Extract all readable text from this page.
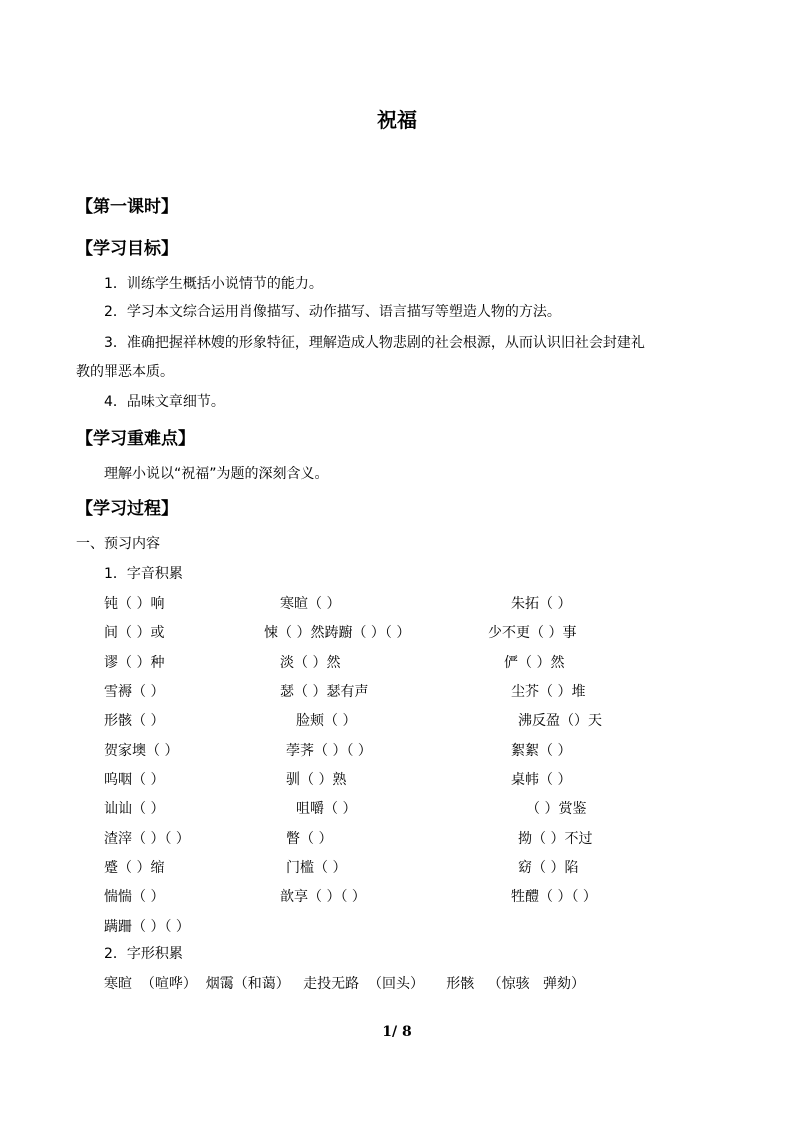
祝福
【第一课时】
【学习目标】
1．训练学生概括小说情节的能力。
2．学习本文综合运用肖像描写、动作描写、语言描写等塑造人物的方法。
3．准确把握祥林嫂的形象特征，理解造成人物悲剧的社会根源，从而认识旧社会封建礼
教的罪恶本质。
4．品味文章细节。
【学习重难点】
理解小说以“祝福”为题的深刻含义。
【学习过程】
一、预习内容
1．字音积累
钝（ ）响	寒暄（ ）	朱拓（ ）
间（ ）或	悚（ ）然踌躕（ ）（ ）	少不更（ ）事
谬（ ）种	淡（ ）然	俨（ ）然
雪褥（ ）	瑟（ ）瑟有声	尘芥（ ）堆
形骸（ ）	脸颊（ ）	沸反盈（）天
贺家墺（ ）	荸荠（ ）（ ）	絮絮（ ）
呜咽（ ）	驯（ ）熟	桌帏（ ）
讪讪（ ）	咀嚼（ ）	（ ）赏鉴
渣滓（ ）（ ）	瞥（ ）	拗（ ）不过
蹙（ ）缩	门槛（ ）	窈（ ）陷
惴惴（ ）	歆享（ ）（ ）	牲醴（ ）（ ）
蹒跚（ ）（ ）
2．字形积累
寒暄  （喧哗）  烟霭（和蔼）   走投无路  （回头）     形骸   （惊骇   弹劾）
1/ 8
